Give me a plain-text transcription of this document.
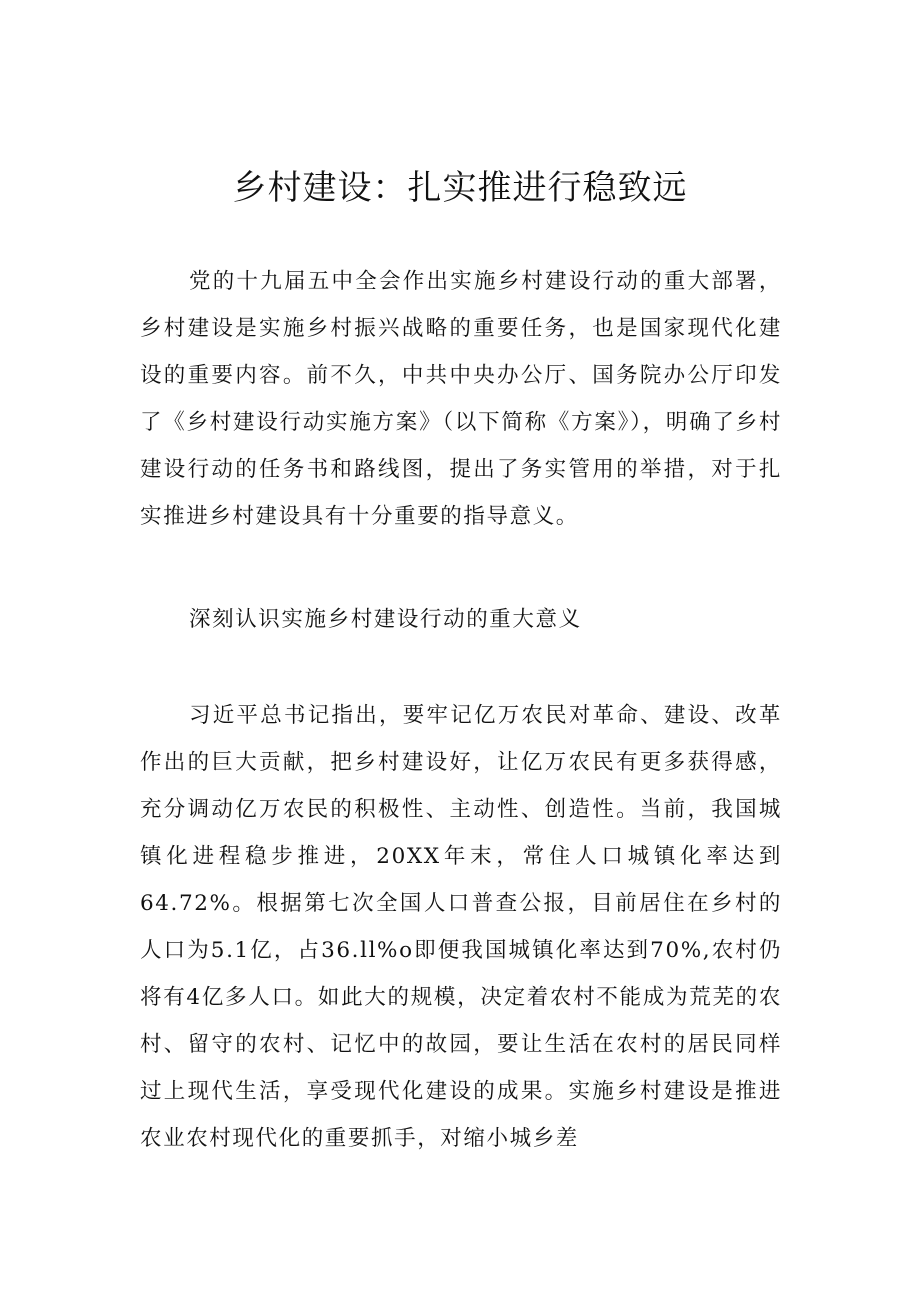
乡村建设：扎实推进行稳致远

党的十九届五中全会作出实施乡村建设行动的重大部署，乡村建设是实施乡村振兴战略的重要任务，也是国家现代化建设的重要内容。前不久，中共中央办公厅、国务院办公厅印发了《乡村建设行动实施方案》（以下简称《方案》），明确了乡村建设行动的任务书和路线图，提出了务实管用的举措，对于扎实推进乡村建设具有十分重要的指导意义。

深刻认识实施乡村建设行动的重大意义

习近平总书记指出，要牢记亿万农民对革命、建设、改革作出的巨大贡献，把乡村建设好，让亿万农民有更多获得感，充分调动亿万农民的积极性、主动性、创造性。当前，我国城镇化进程稳步推进，20XX年末，常住人口城镇化率达到64.72%。根据第七次全国人口普查公报，目前居住在乡村的人口为5.1亿，占36.ll%o即便我国城镇化率达到70%,农村仍将有4亿多人口。如此大的规模，决定着农村不能成为荒芜的农村、留守的农村、记忆中的故园，要让生活在农村的居民同样过上现代生活，享受现代化建设的成果。实施乡村建设是推进农业农村现代化的重要抓手，对缩小城乡差
